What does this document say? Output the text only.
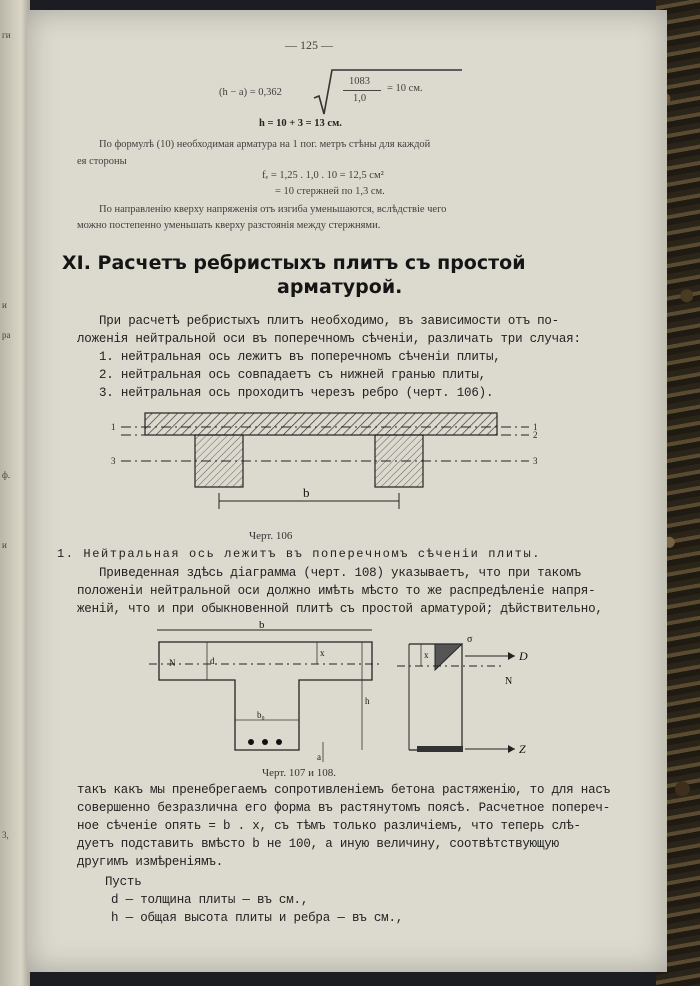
ги
и
ра
ф.
и
3,
— 125 —
(h − a) = 0,362
1083
1,0
= 10 см.
h = 10 + 3 = 13 см.
По формулѣ (10) необходимая арматура на 1 пог. метръ стѣны для каждой
ея стороны
fₑ = 1,25 . 1,0 . 10 = 12,5 см²
= 10 стержней по 1,3 см.
По направленію кверху напряженія отъ изгиба уменьшаются, вслѣдствіе чего
можно постепенно уменьшать кверху разстоянія между стержнями.
XI. Расчетъ ребристыхъ плитъ съ простой
арматурой.
При расчетѣ ребристыхъ плитъ необходимо, въ зависимости отъ по-
ложенія нейтральной оси въ поперечномъ сѣченіи, различать три случая:
1. нейтральная ось лежитъ въ поперечномъ сѣченіи плиты,
2. нейтральная ось совпадаетъ съ нижней гранью плиты,
3. нейтральная ось проходитъ черезъ ребро (черт. 106).
1	1
2
3	3
b
Черт. 106
1. Нейтральная ось лежитъ въ поперечномъ сѣченіи плиты.
Приведенная здѣсь діаграмма (черт. 108) указываетъ, что при такомъ
положеніи нейтральной оси должно имѣть мѣсто то же распредѣленіе напря-
женій, что и при обыкновенной плитѣ съ простой арматурой; дѣйствительно,
b
N	d
x
h
b₀
a
σ
N
D
Z
x
Черт. 107 и 108.
такъ какъ мы пренебрегаемъ сопротивленіемъ бетона растяженію, то для насъ
совершенно безразлична его форма въ растянутомъ поясѣ. Расчетное попереч-
ное сѣченіе опять = b . x, съ тѣмъ только различіемъ, что теперь слѣ-
дуетъ подставить вмѣсто b не 100, а иную величину, соотвѣтствующую
другимъ измѣреніямъ.
Пусть
d — толщина плиты — въ см.,
h — общая высота плиты и ребра — въ см.,
